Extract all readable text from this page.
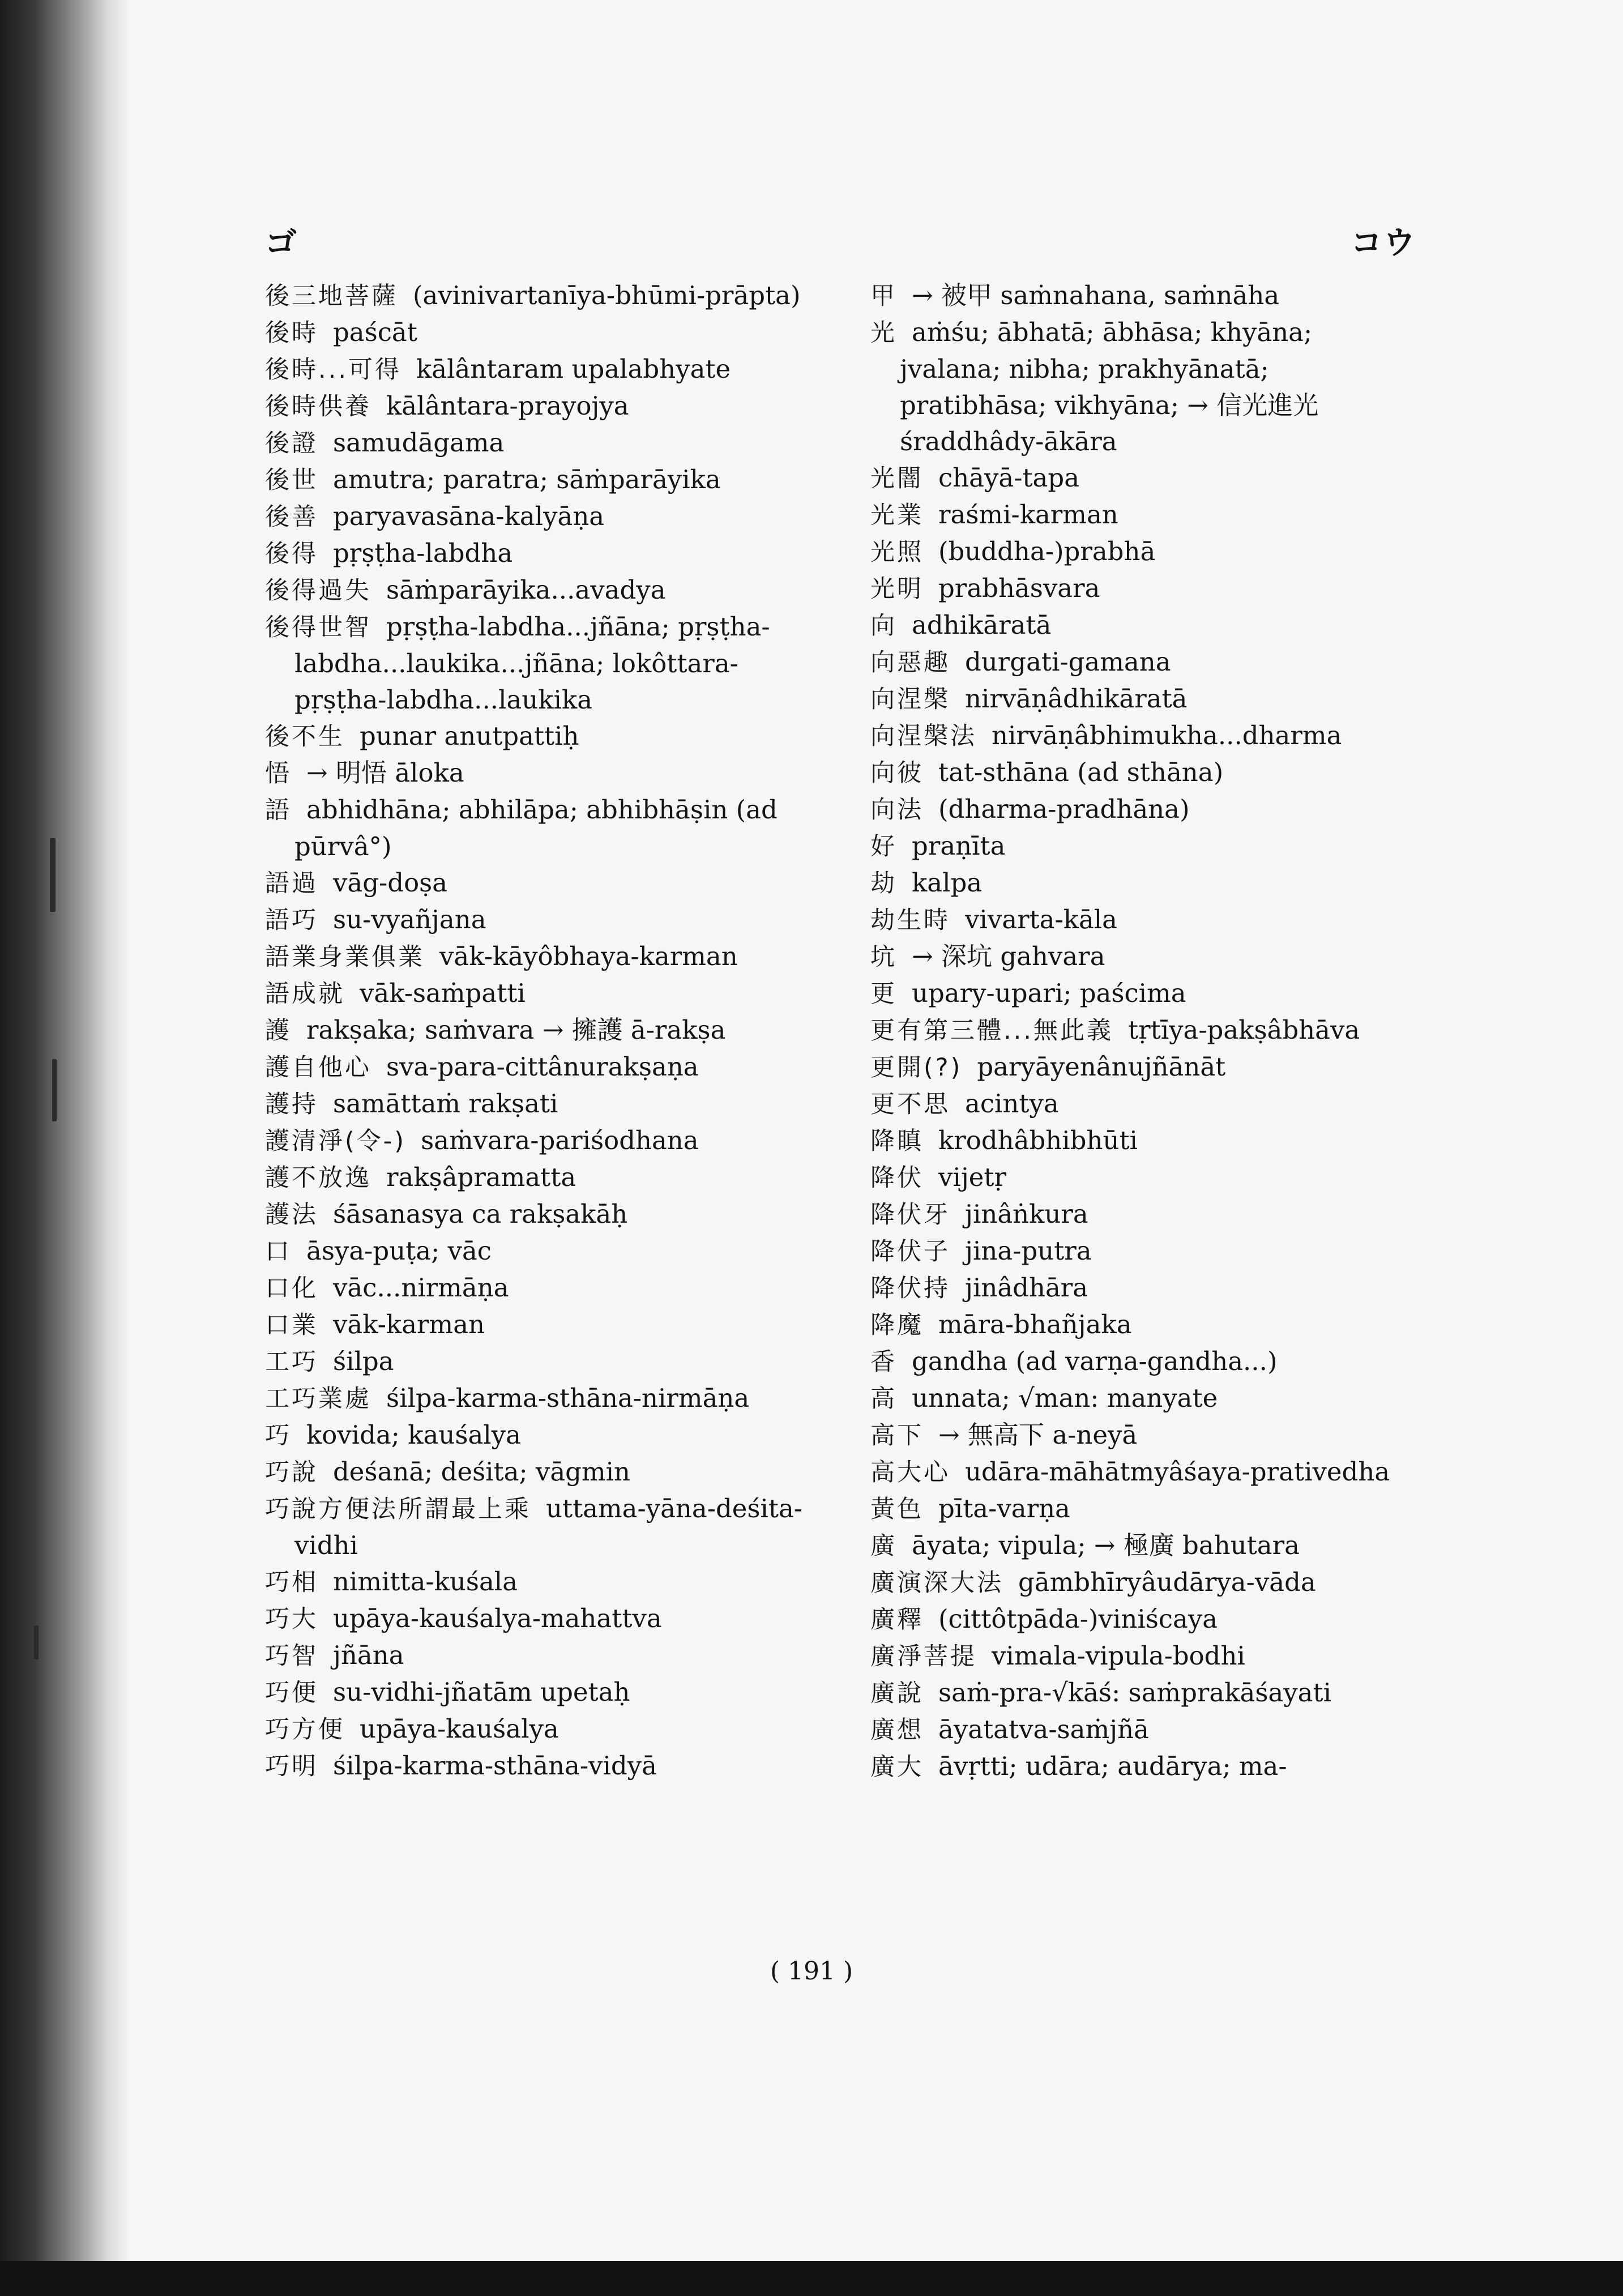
ゴ	コウ
後三地菩薩 (avinivartanīya-bhūmi-prāpta)
後時 paścāt
後時...可得 kālântaram upalabhyate
後時供養 kālântara-prayojya
後證 samudāgama
後世 amutra; paratra; sāṁparāyika
後善 paryavasāna-kalyāṇa
後得 pṛṣṭha-labdha
後得過失 sāṁparāyika...avadya
後得世智 pṛṣṭha-labdha...jñāna; pṛṣṭha-labdha...laukika...jñāna; lokôttara-pṛṣṭha-labdha...laukika
後不生 punar anutpattiḥ
悟 → 明悟 āloka
語 abhidhāna; abhilāpa; abhibhāṣin (ad pūrvâ°)
語過 vāg-doṣa
語巧 su-vyañjana
語業身業俱業 vāk-kāyôbhaya-karman
語成就 vāk-saṁpatti
護 rakṣaka; saṁvara → 擁護 ā-rakṣa
護自他心 sva-para-cittânurakṣaṇa
護持 samāttaṁ rakṣati
護清淨(令-) saṁvara-pariśodhana
護不放逸 rakṣâpramatta
護法 śāsanasya ca rakṣakāḥ
口 āsya-puṭa; vāc
口化 vāc...nirmāṇa
口業 vāk-karman
工巧 śilpa
工巧業處 śilpa-karma-sthāna-nirmāṇa
巧 kovida; kauśalya
巧說 deśanā; deśita; vāgmin
巧說方便法所謂最上乘 uttama-yāna-deśita-vidhi
巧相 nimitta-kuśala
巧大 upāya-kauśalya-mahattva
巧智 jñāna
巧便 su-vidhi-jñatām upetaḥ
巧方便 upāya-kauśalya
巧明 śilpa-karma-sthāna-vidyā
甲 → 被甲 saṁnahana, saṁnāha
光 aṁśu; ābhatā; ābhāsa; khyāna; jvalana; nibha; prakhyānatā; pratibhāsa; vikhyāna; → 信光進光 śraddhâdy-ākāra
光闇 chāyā-tapa
光業 raśmi-karman
光照 (buddha-)prabhā
光明 prabhāsvara
向 adhikāratā
向惡趣 durgati-gamana
向涅槃 nirvāṇâdhikāratā
向涅槃法 nirvāṇâbhimukha...dharma
向彼 tat-sthāna (ad sthāna)
向法 (dharma-pradhāna)
好 praṇīta
劫 kalpa
劫生時 vivarta-kāla
坑 → 深坑 gahvara
更 upary-upari; paścima
更有第三體...無此義 tṛtīya-pakṣâbhāva
更開(?) paryāyenânujñānāt
更不思 acintya
降瞋 krodhâbhibhūti
降伏 vijetṛ
降伏牙 jinâṅkura
降伏子 jina-putra
降伏持 jinâdhāra
降魔 māra-bhañjaka
香 gandha (ad varṇa-gandha...)
高 unnata; √man: manyate
高下 → 無高下 a-neyā
高大心 udāra-māhātmyâśaya-prativedha
黃色 pīta-varṇa
廣 āyata; vipula; → 極廣 bahutara
廣演深大法 gāmbhīryâudārya-vāda
廣釋 (cittôtpāda-)viniścaya
廣淨菩提 vimala-vipula-bodhi
廣說 saṁ-pra-√kāś: saṁprakāśayati
廣想 āyatatva-saṁjñā
廣大 āvṛtti; udāra; audārya; ma-
( 191 )
